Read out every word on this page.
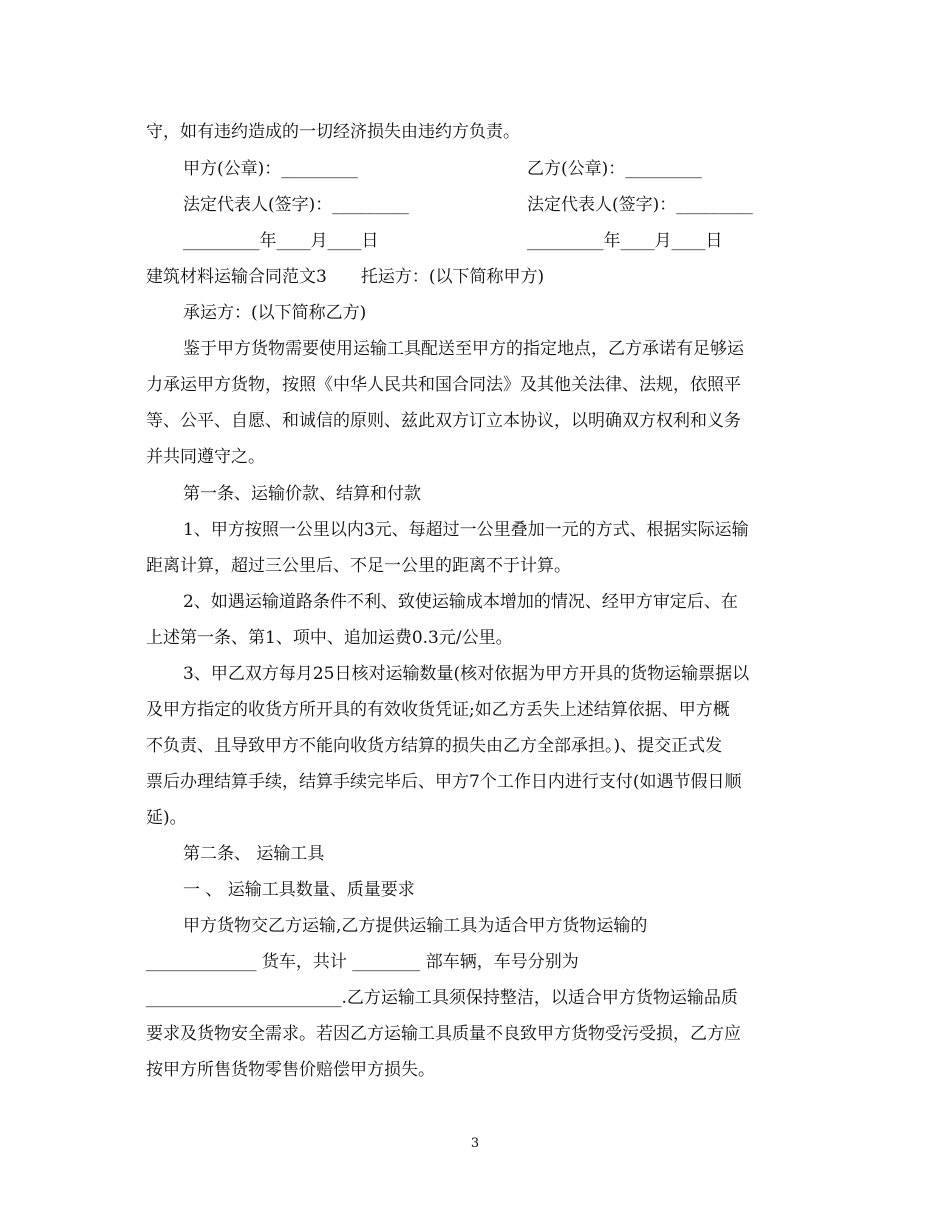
守，如有违约造成的一切经济损失由违约方负责。
甲方(公章)：_________	乙方(公章)：_________
法定代表人(签字)：_________	法定代表人(签字)：_________
_________年____月____日	_________年____月____日
建筑材料运输合同范文3　　托运方：(以下简称甲方)
承运方：(以下简称乙方)
鉴于甲方货物需要使用运输工具配送至甲方的指定地点，乙方承诺有足够运
力承运甲方货物，按照《中华人民共和国合同法》及其他关法律、法规，依照平
等、公平、自愿、和诚信的原则、兹此双方订立本协议，以明确双方权利和义务
并共同遵守之。
第一条、运输价款、结算和付款
1、甲方按照一公里以内3元、每超过一公里叠加一元的方式、根据实际运输
距离计算，超过三公里后、不足一公里的距离不于计算。
2、如遇运输道路条件不利、致使运输成本增加的情况、经甲方审定后、在
上述第一条、第1、项中、追加运费0.3元/公里。
3、甲乙双方每月25日核对运输数量(核对依据为甲方开具的货物运输票据以
及甲方指定的收货方所开具的有效收货凭证;如乙方丢失上述结算依据、甲方概
不负责、且导致甲方不能向收货方结算的损失由乙方全部承担。)、提交正式发
票后办理结算手续，结算手续完毕后、甲方7个工作日内进行支付(如遇节假日顺
延)。
第二条、 运输工具
一 、 运输工具数量、质量要求
甲方货物交乙方运输,乙方提供运输工具为适合甲方货物运输的
_____________ 货车，共计 ________ 部车辆，车号分别为
_______________________.乙方运输工具须保持整洁，以适合甲方货物运输品质
要求及货物安全需求。若因乙方运输工具质量不良致甲方货物受污受损，乙方应
按甲方所售货物零售价赔偿甲方损失。
3
